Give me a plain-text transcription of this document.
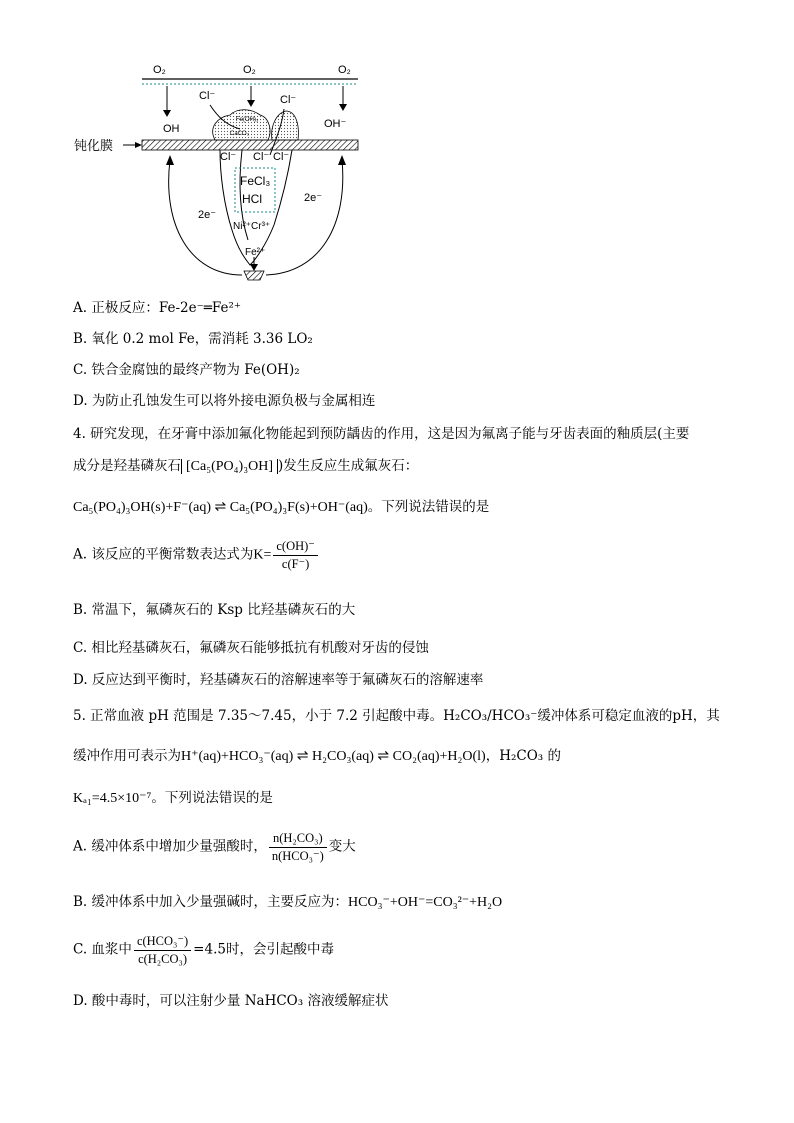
O₂	O₂	O₂
OH	OH⁻
钝化膜
Fe(OH)₃
CaCO₃
Cl⁻	Cl⁻
Cl⁻ Cl⁻ Cl⁻
FeCl₃
HCl
Ni²⁺Cr³⁺
Fe²⁺
2e⁻
2e⁻
A. 正极反应：Fe-2e⁻═Fe²⁺
B. 氧化 0.2 mol Fe，需消耗 3.36 LO₂
C. 铁合金腐蚀的最终产物为 Fe(OH)₂
D. 为防止孔蚀发生可以将外接电源负极与金属相连
4. 研究发现，在牙膏中添加氟化物能起到预防龋齿的作用，这是因为氟离子能与牙齿表面的釉质层(主要
成分是羟基磷灰石 [Ca₅(PO₄)₃OH] )发生反应生成氟灰石：
Ca₅(PO₄)₃OH(s)+F⁻(aq) ⇌ Ca₅(PO₄)₃F(s)+OH⁻(aq)。下列说法错误的是
A. 该反应的平衡常数表达式为$K= \frac{c(OH)^-}{c(F^-)}$
B. 常温下，氟磷灰石的 Ksp 比羟基磷灰石的大
C. 相比羟基磷灰石，氟磷灰石能够抵抗有机酸对牙齿的侵蚀
D. 反应达到平衡时，羟基磷灰石的溶解速率等于氟磷灰石的溶解速率
5. 正常血液 pH 范围是 7.35～7.45，小于 7.2 引起酸中毒。H₂CO₃/HCO₃⁻缓冲体系可稳定血液的pH，其
缓冲作用可表示为H⁺(aq)+HCO₃⁻(aq) ⇌ H₂CO₃(aq) ⇌ CO₂(aq)+H₂O(l)，H₂CO₃ 的
Kₐ₁=4.5×10⁻⁷。下列说法错误的是
A. 缓冲体系中增加少量强酸时， $\frac{\text{n(H₂CO₃)}}{\text{n(HCO₃⁻)}}$ 变大
B. 缓冲体系中加入少量强碱时，主要反应为：HCO₃⁻+OH⁻=CO₃²⁻+H₂O
C. 血浆中 $\frac{\text{c(HCO₃⁻)}}{\text{c(H₂CO₃)}} =4.5$时，会引起酸中毒
D. 酸中毒时，可以注射少量 NaHCO₃ 溶液缓解症状
